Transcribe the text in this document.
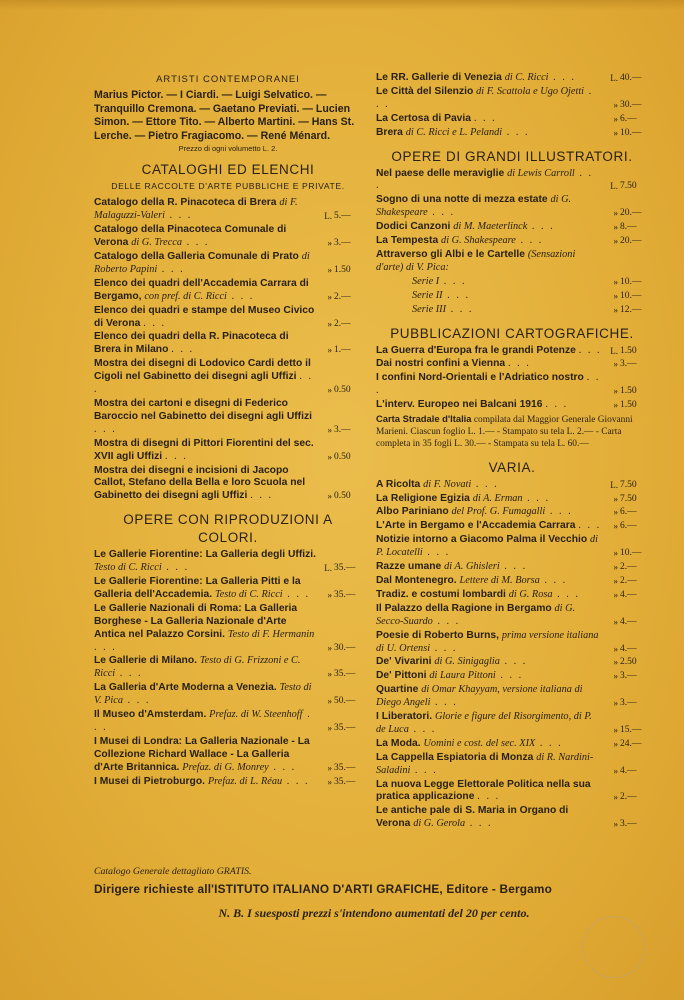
ARTISTI CONTEMPORANEI
Marius Pictor. — I Ciardi. — Luigi Selvatico. — Tranquillo Cremona. — Gaetano Previati. — Lucien Simon. — Ettore Tito. — Alberto Martini. — Hans St. Lerche. — Pietro Fragiacomo. — René Ménard.
Prezzo di ogni volumetto L. 2.
CATALOGHI ED ELENCHI
DELLE RACCOLTE D'ARTE PUBBLICHE E PRIVATE.
Catalogo della R. Pinacoteca di Brera di F. Malaguzzi-Valeri . . .	L. 5.—
Catalogo della Pinacoteca Comunale di Verona di G. Trecca . . .	» 3.—
Catalogo della Galleria Comunale di Prato di Roberto Papini . . .	» 1.50
Elenco dei quadri dell'Accademia Carrara di Bergamo, con pref. di C. Ricci . . .	» 2.—
Elenco dei quadri e stampe del Museo Civico di Verona . . .	» 2.—
Elenco dei quadri della R. Pinacoteca di Brera in Milano . . .	» 1.—
Mostra dei disegni di Lodovico Cardi detto il Cigoli nel Gabinetto dei disegni agli Uffizi . . .	» 0.50
Mostra dei cartoni e disegni di Federico Baroccio nel Gabinetto dei disegni agli Uffizi . . .	» 3.—
Mostra di disegni di Pittori Fiorentini del sec. XVII agli Uffizi . . .	» 0.50
Mostra dei disegni e incisioni di Jacopo Callot, Stefano della Bella e loro Scuola nel Gabinetto dei disegni agli Uffizi . . .	» 0.50
OPERE CON RIPRODUZIONI A COLORI.
Le Gallerie Fiorentine: La Galleria degli Uffizi. Testo di C. Ricci . . .	L. 35.—
Le Gallerie Fiorentine: La Galleria Pitti e la Galleria dell'Accademia. Testo di C. Ricci . . . » 35.—
Le Gallerie Nazionali di Roma: La Galleria Borghese - La Galleria Nazionale d'Arte Antica nel Palazzo Corsini. Testo di F. Hermanin . . .	» 30.—
Le Gallerie di Milano. Testo di G. Frizzoni e C. Ricci . . .	» 35.—
La Galleria d'Arte Moderna a Venezia. Testo di V. Pica . . .	» 50.—
Il Museo d'Amsterdam. Prefaz. di W. Steenhoff . . .	» 35.—
I Musei di Londra: La Galleria Nazionale - La Collezione Richard Wallace - La Galleria d'Arte Britannica. Prefaz. di G. Monrey . . .	» 35.—
I Musei di Pietroburgo. Prefaz. di L. Réau . . . » 35.—
Le RR. Gallerie di Venezia di C. Ricci . . .	L. 40.—
Le Città del Silenzio di F. Scattola e Ugo Ojetti . . .	» 30.—
La Certosa di Pavia . . .	» 6.—
Brera di C. Ricci e L. Pelandi . . .	» 10.—
OPERE DI GRANDI ILLUSTRATORI.
Nel paese delle meraviglie di Lewis Carroll . . .	L. 7.50
Sogno di una notte di mezza estate di G. Shakespeare . . .	» 20.—
Dodici Canzoni di M. Maeterlinck . . .	» 8.—
La Tempesta di G. Shakespeare . . .	» 20.—
Attraverso gli Albi e le Cartelle (Sensazioni d'arte) di V. Pica:
Serie I . . .	» 10.—
Serie II . . .	» 10.—
Serie III . . .	» 12.—
PUBBLICAZIONI CARTOGRAFICHE.
La Guerra d'Europa fra le grandi Potenze . . . L. 1.50
Dai nostri confini a Vienna . . .	» 3.—
I confini Nord-Orientali e l'Adriatico nostro . . .	» 1.50
L'interv. Europeo nei Balcani 1916 . . .	» 1.50
Carta Stradale d'Italia compilata dal Maggior Generale Giovanni Marieni. Ciascun foglio L. 1.— - Stampato su tela L. 2.— - Carta completa in 35 fogli L. 30.— - Stampata su tela L. 60.—
VARIA.
A Ricolta di F. Novati . . .	L. 7.50
La Religione Egizia di A. Erman . . .	» 7.50
Albo Pariniano del Prof. G. Fumagalli . . .	» 6.—
L'Arte in Bergamo e l'Accademia Carrara . . . » 6.—
Notizie intorno a Giacomo Palma il Vecchio di P. Locatelli . . .	» 10.—
Razze umane di A. Ghisleri . . .	» 2.—
Dal Montenegro. Lettere di M. Borsa . . .	» 2.—
Tradiz. e costumi lombardi di G. Rosa . . .	» 4.—
Il Palazzo della Ragione in Bergamo di G. Secco-Suardo . . .	» 4.—
Poesie di Roberto Burns, prima versione italiana di U. Ortensi . . .	» 4.—
De' Vivarini di G. Sinigaglia . . .	» 2.50
De' Pittoni di Laura Pittoni . . .	» 3.—
Quartine di Omar Khayyam, versione italiana di Diego Angeli . . .	» 3.—
I Liberatori. Glorie e figure del Risorgimento, di P. de Luca . . .	» 15.—
La Moda. Uomini e cost. del sec. XIX . . .	» 24.—
La Cappella Espiatoria di Monza di R. Nardini-Saladini . . .	» 4.—
La nuova Legge Elettorale Politica nella sua pratica applicazione . . .	» 2.—
Le antiche pale di S. Maria in Organo di Verona di G. Gerola . . .	» 3.—
Catalogo Generale dettagliato GRATIS.
Dirigere richieste all'ISTITUTO ITALIANO D'ARTI GRAFICHE, Editore - Bergamo
N. B. I suesposti prezzi s'intendono aumentati del 20 per cento.
